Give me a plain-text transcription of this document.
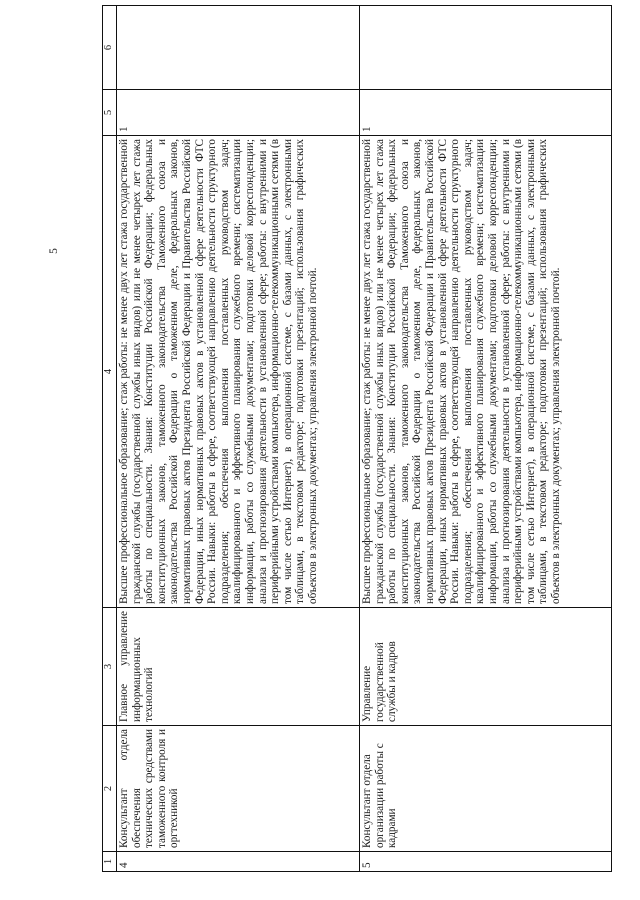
5
1	2	3	4	5	6
4	Консультант отдела обеспечения технических средствами таможенного контроля и оргтехникой	Главное управление информационных технологий	Высшее профессиональное образование; стаж работы: не менее двух лет стажа государственной гражданской службы (государственной службы иных видов) или не менее четырех лет стажа работы по специальности. Знания: Конституции Российской Федерации; федеральных конституционных законов, таможенного законодательства Таможенного союза и законодательства Российской Федерации о таможенном деле, федеральных законов, нормативных правовых актов Президента Российской Федерации и Правительства Российской Федерации, иных нормативных правовых актов в установленной сфере деятельности ФТС России. Навыки: работы в сфере, соответствующей направлению деятельности структурного подразделения; обеспечения выполнения поставленных руководством задач; квалифицированного и эффективного планирования служебного времени; систематизации информации, работы со служебными документами; подготовки деловой корреспонденции; анализа и прогнозирования деятельности в установленной сфере; работы: с внутренними и периферийными устройствами компьютера, информационно-телекоммуникационными сетями (в том числе сетью Интернет), в операционной системе, с базами данных, с электронными таблицами, в текстовом редакторе; подготовки презентаций; использования графических объектов в электронных документах; управления электронной почтой.	1	
5	Консультант отдела организации работы с кадрами	Управление государственной службы и кадров	Высшее профессиональное образование; стаж работы: не менее двух лет стажа государственной гражданской службы (государственной службы иных видов) или не менее четырех лет стажа работы по специальности. Знания: Конституции Российской Федерации; федеральных конституционных законов, таможенного законодательства Таможенного союза и законодательства Российской Федерации о таможенном деле, федеральных законов, нормативных правовых актов Президента Российской Федерации и Правительства Российской Федерации, иных нормативных правовых актов в установленной сфере деятельности ФТС России. Навыки: работы в сфере, соответствующей направлению деятельности структурного подразделения; обеспечения выполнения поставленных руководством задач; квалифицированного и эффективного планирования служебного времени; систематизации информации, работы со служебными документами; подготовки деловой корреспонденции; анализа и прогнозирования деятельности в установленной сфере; работы: с внутренними и периферийными устройствами компьютера, информационно-телекоммуникационными сетями (в том числе сетью Интернет), в операционной системе, с базами данных, с электронными таблицами, в текстовом редакторе; подготовки презентаций; использования графических объектов в электронных документах; управления электронной почтой.	1	
